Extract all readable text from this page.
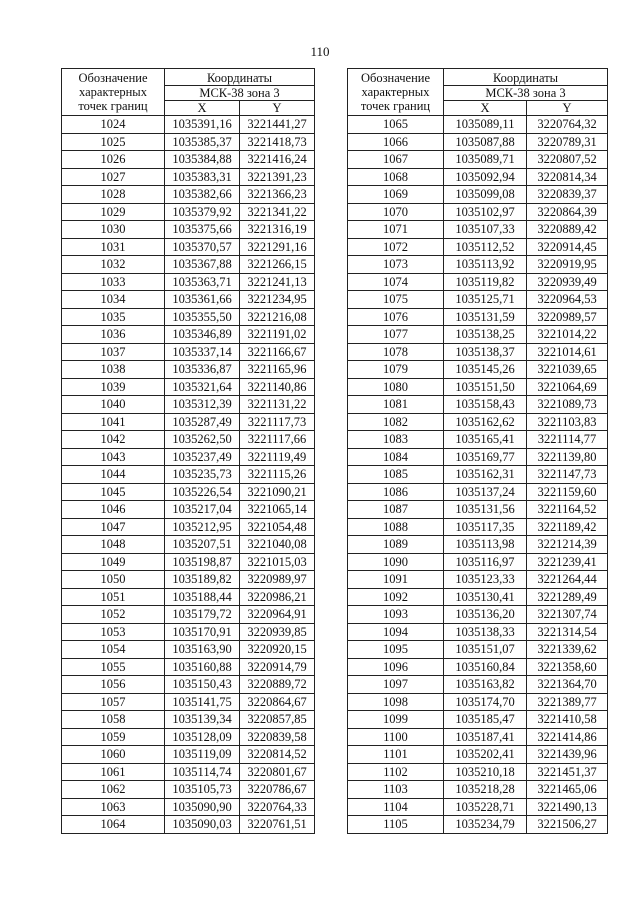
110
Обозначение характерных точек границ	Координаты	
	МСК-38 зона 3	
	X	Y
1024	1035391,16	3221441,27
1025	1035385,37	3221418,73
1026	1035384,88	3221416,24
1027	1035383,31	3221391,23
1028	1035382,66	3221366,23
1029	1035379,92	3221341,22
1030	1035375,66	3221316,19
1031	1035370,57	3221291,16
1032	1035367,88	3221266,15
1033	1035363,71	3221241,13
1034	1035361,66	3221234,95
1035	1035355,50	3221216,08
1036	1035346,89	3221191,02
1037	1035337,14	3221166,67
1038	1035336,87	3221165,96
1039	1035321,64	3221140,86
1040	1035312,39	3221131,22
1041	1035287,49	3221117,73
1042	1035262,50	3221117,66
1043	1035237,49	3221119,49
1044	1035235,73	3221115,26
1045	1035226,54	3221090,21
1046	1035217,04	3221065,14
1047	1035212,95	3221054,48
1048	1035207,51	3221040,08
1049	1035198,87	3221015,03
1050	1035189,82	3220989,97
1051	1035188,44	3220986,21
1052	1035179,72	3220964,91
1053	1035170,91	3220939,85
1054	1035163,90	3220920,15
1055	1035160,88	3220914,79
1056	1035150,43	3220889,72
1057	1035141,75	3220864,67
1058	1035139,34	3220857,85
1059	1035128,09	3220839,58
1060	1035119,09	3220814,52
1061	1035114,74	3220801,67
1062	1035105,73	3220786,67
1063	1035090,90	3220764,33
1064	1035090,03	3220761,51
Обозначение характерных точек границ	Координаты	
	МСК-38 зона 3	
	X	Y
1065	1035089,11	3220764,32
1066	1035087,88	3220789,31
1067	1035089,71	3220807,52
1068	1035092,94	3220814,34
1069	1035099,08	3220839,37
1070	1035102,97	3220864,39
1071	1035107,33	3220889,42
1072	1035112,52	3220914,45
1073	1035113,92	3220919,95
1074	1035119,82	3220939,49
1075	1035125,71	3220964,53
1076	1035131,59	3220989,57
1077	1035138,25	3221014,22
1078	1035138,37	3221014,61
1079	1035145,26	3221039,65
1080	1035151,50	3221064,69
1081	1035158,43	3221089,73
1082	1035162,62	3221103,83
1083	1035165,41	3221114,77
1084	1035169,77	3221139,80
1085	1035162,31	3221147,73
1086	1035137,24	3221159,60
1087	1035131,56	3221164,52
1088	1035117,35	3221189,42
1089	1035113,98	3221214,39
1090	1035116,97	3221239,41
1091	1035123,33	3221264,44
1092	1035130,41	3221289,49
1093	1035136,20	3221307,74
1094	1035138,33	3221314,54
1095	1035151,07	3221339,62
1096	1035160,84	3221358,60
1097	1035163,82	3221364,70
1098	1035174,70	3221389,77
1099	1035185,47	3221410,58
1100	1035187,41	3221414,86
1101	1035202,41	3221439,96
1102	1035210,18	3221451,37
1103	1035218,28	3221465,06
1104	1035228,71	3221490,13
1105	1035234,79	3221506,27
